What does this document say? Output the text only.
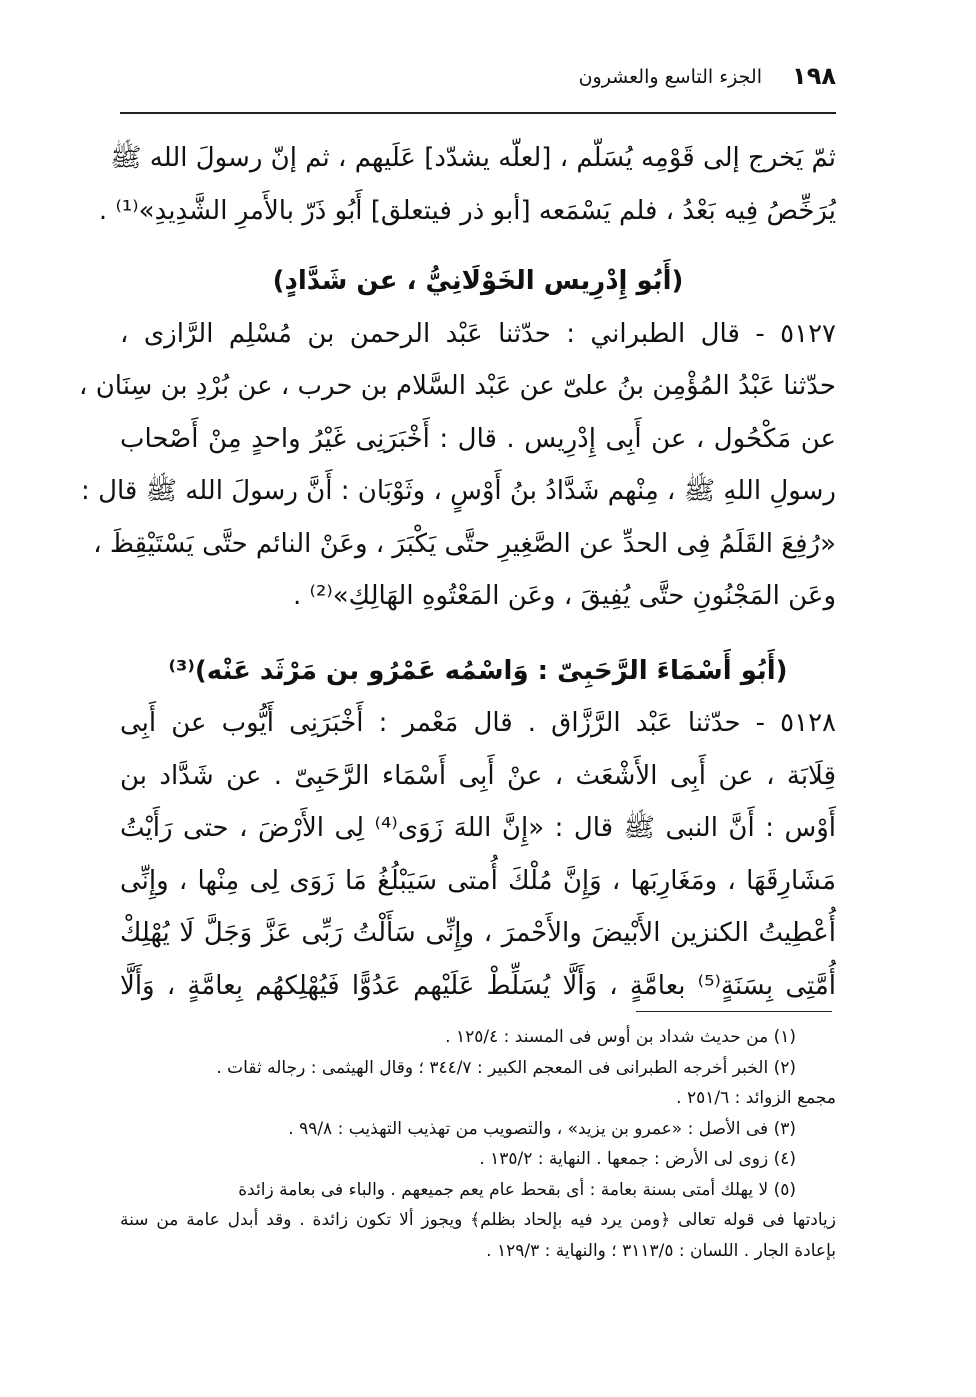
١٩٨
الجزء التاسع والعشرون
ثمّ يَخرج إلى قَوْمِه يُسَلّم ، [لعلّه يشدّد] عَلَيهم ، ثم إنّ رسولَ الله ﷺ
يُرَخِّصُ فِيه بَعْدُ ، فلم يَسْمَعه [أبو ذر فيتعلق] أَبُو ذَرّ بالأَمرِ الشَّدِيدِ»⁽¹⁾ .
(أَبُو إِدْرِيس الخَوْلَانِيُّ ، عن شَدَّادٍ)
٥١٢٧ - قال الطبراني : حدّثنا عَبْد الرحمن بن مُسْلِم الرَّازى ،
حدّثنا عَبْدُ المُؤْمِن بنُ علىّ عن عَبْد السَّلام بن حرب ، عن بُرْدِ بن سِنَان ،
عن مَكْحُول ، عن أَبِى إِدْرِيس . قال : أَخْبَرَنِى غَيْرُ واحدٍ مِنْ أَصْحاب
رسولِ اللهِ ﷺ ، مِنْهم شَدَّادُ بنُ أَوْسٍ ، وثَوْبَان : أَنَّ رسولَ الله ﷺ قال :
«رُفِعَ القَلَمُ فِى الحدِّ عن الصَّغِيرِ حتَّى يَكْبَرَ ، وعَنْ النائم حتَّى يَسْتَيْقِظَ ،
وعَن المَجْنُونِ حتَّى يُفِيقَ ، وعَن المَعْتُوهِ الهَالِكِ»⁽²⁾ .
(أَبُو أَسْمَاءَ الرَّحَبِىّ : وَاسْمُه عَمْرُو بن مَرْثَد عَنْه)⁽³⁾
٥١٢٨ - حدّثنا عَبْد الرَّزَّاق . قال مَعْمر : أَخْبَرَنِى أَيُّوب عن أَبِى
قِلَابَة ، عن أَبِى الأَشْعَث ، عنْ أَبِى أَسْمَاء الرَّحَبِىّ . عن شَدَّاد بن
أَوْس : أَنَّ النبى ﷺ قال : «إِنَّ اللهَ زَوَى⁽⁴⁾ لِى الأَرْضَ ، حتى رَأَيْتُ
مَشَارِقَهَا ، ومَغَارِبَها ، وَإِنَّ مُلْكَ أُمتى سَيَبْلُغُ مَا زَوَى لِى مِنْها ، وإِنِّى
أُعْطِيتُ الكنزين الأَبْيضَ والأَحْمرَ ، وإِنِّى سَأَلْتُ رَبِّى عَزَّ وَجَلَّ لَا يُهْلِكْ
أُمَّتِى بِسَنَةٍ⁽⁵⁾ بعامَّةٍ ، وَأَلَّا يُسَلِّطْ عَلَيْهم عَدُوًّا فَيُهْلِكهُم بِعامَّةٍ ، وَأَلَّا
(١) من حديث شداد بن أوس فى المسند : ١٢٥/٤ .
(٢) الخبر أخرجه الطبرانى فى المعجم الكبير : ٣٤٤/٧ ؛ وقال الهيثمى : رجاله ثقات .
مجمع الزوائد : ٢٥١/٦ .
(٣) فى الأصل : «عمرو بن يزيد» ، والتصويب من تهذيب التهذيب : ٩٩/٨ .
(٤) زوى لى الأرض : جمعها . النهاية : ١٣٥/٢ .
(٥) لا يهلك أمتى بسنة بعامة : أى بقحط عام يعم جميعهم . والباء فى بعامة زائدة
زيادتها فى قوله تعالى ﴿ومن يرد فيه بإلحاد بظلم﴾ ويجوز ألا تكون زائدة . وقد أبدل عامة من سنة
بإعادة الجار . اللسان : ٣١١٣/٥ ؛ والنهاية : ١٢٩/٣ .
